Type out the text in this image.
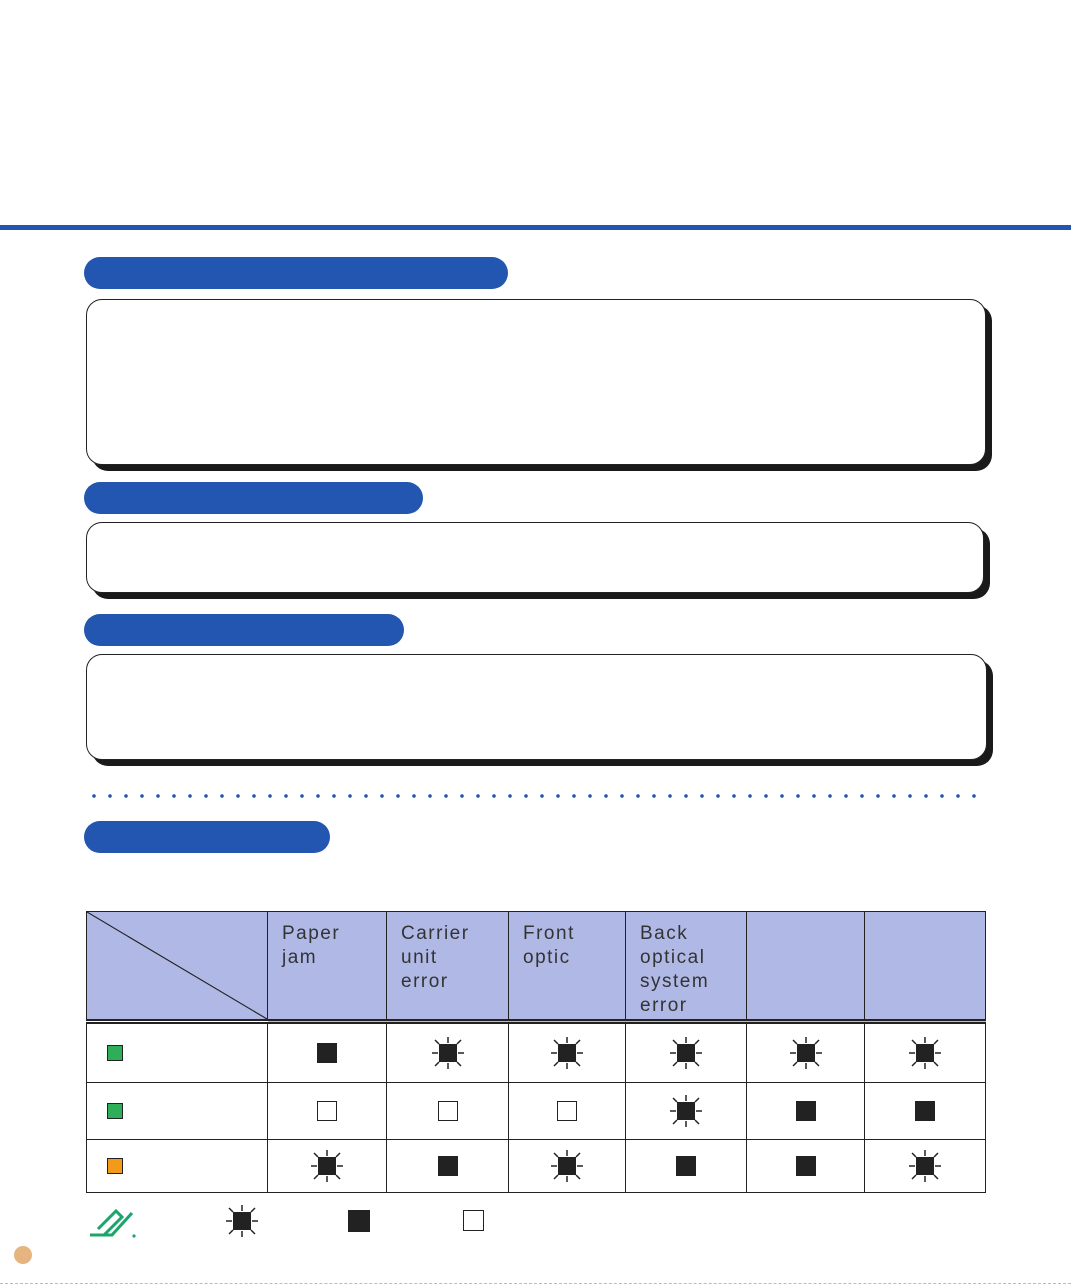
	Paper
jam	Carrier
unit
error	Front
optic	Back
optical
system
error		
